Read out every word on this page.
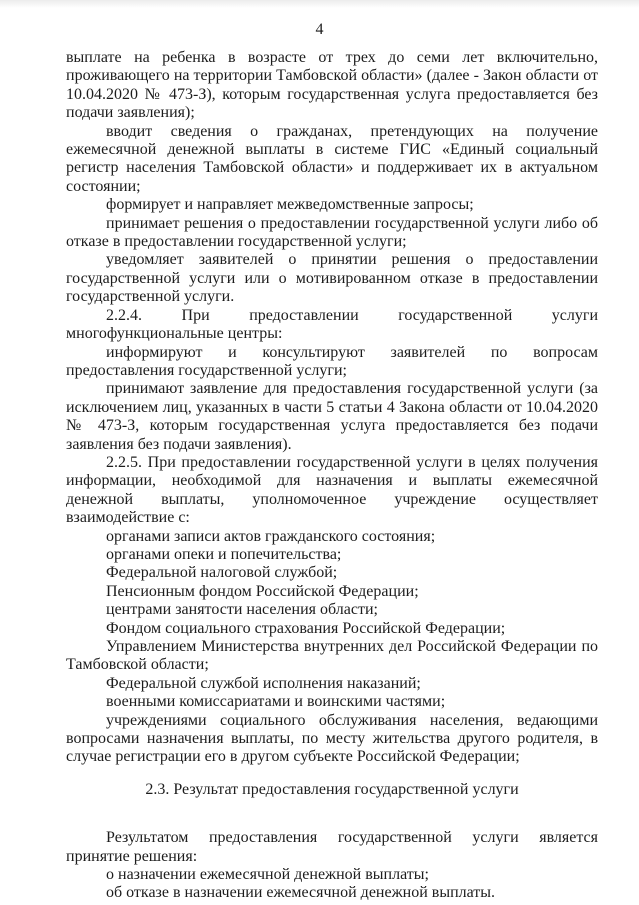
4

выплате на ребенка в возрасте от трех до семи лет включительно, проживающего на территории Тамбовской области» (далее - Закон области от 10.04.2020 № 473-З), которым государственная услуга предоставляется без подачи заявления);

вводит сведения о гражданах, претендующих на получение ежемесячной денежной выплаты в системе ГИС «Единый социальный регистр населения Тамбовской области» и поддерживает их в актуальном состоянии;

формирует и направляет межведомственные запросы;

принимает решения о предоставлении государственной услуги либо об отказе в предоставлении государственной услуги;

уведомляет заявителей о принятии решения о предоставлении государственной услуги или о мотивированном отказе в предоставлении государственной услуги.

2.2.4. При предоставлении государственной услуги многофункциональные центры:

информируют и консультируют заявителей по вопросам предоставления государственной услуги;

принимают заявление для предоставления государственной услуги (за исключением лиц, указанных в части 5 статьи 4 Закона области от 10.04.2020 № 473-З, которым государственная услуга предоставляется без подачи заявления без подачи заявления).

2.2.5. При предоставлении государственной услуги в целях получения информации, необходимой для назначения и выплаты ежемесячной денежной выплаты, уполномоченное учреждение осуществляет взаимодействие с:

органами записи актов гражданского состояния;

органами опеки и попечительства;

Федеральной налоговой службой;

Пенсионным фондом Российской Федерации;

центрами занятости населения области;

Фондом социального страхования Российской Федерации;

Управлением Министерства внутренних дел Российской Федерации по Тамбовской области;

Федеральной службой исполнения наказаний;

военными комиссариатами и воинскими частями;

учреждениями социального обслуживания населения, ведающими вопросами назначения выплаты, по месту жительства другого родителя, в случае регистрации его в другом субъекте Российской Федерации;

2.3. Результат предоставления государственной услуги

Результатом предоставления государственной услуги является принятие решения:

о назначении ежемесячной денежной выплаты;

об отказе в назначении ежемесячной денежной выплаты.
